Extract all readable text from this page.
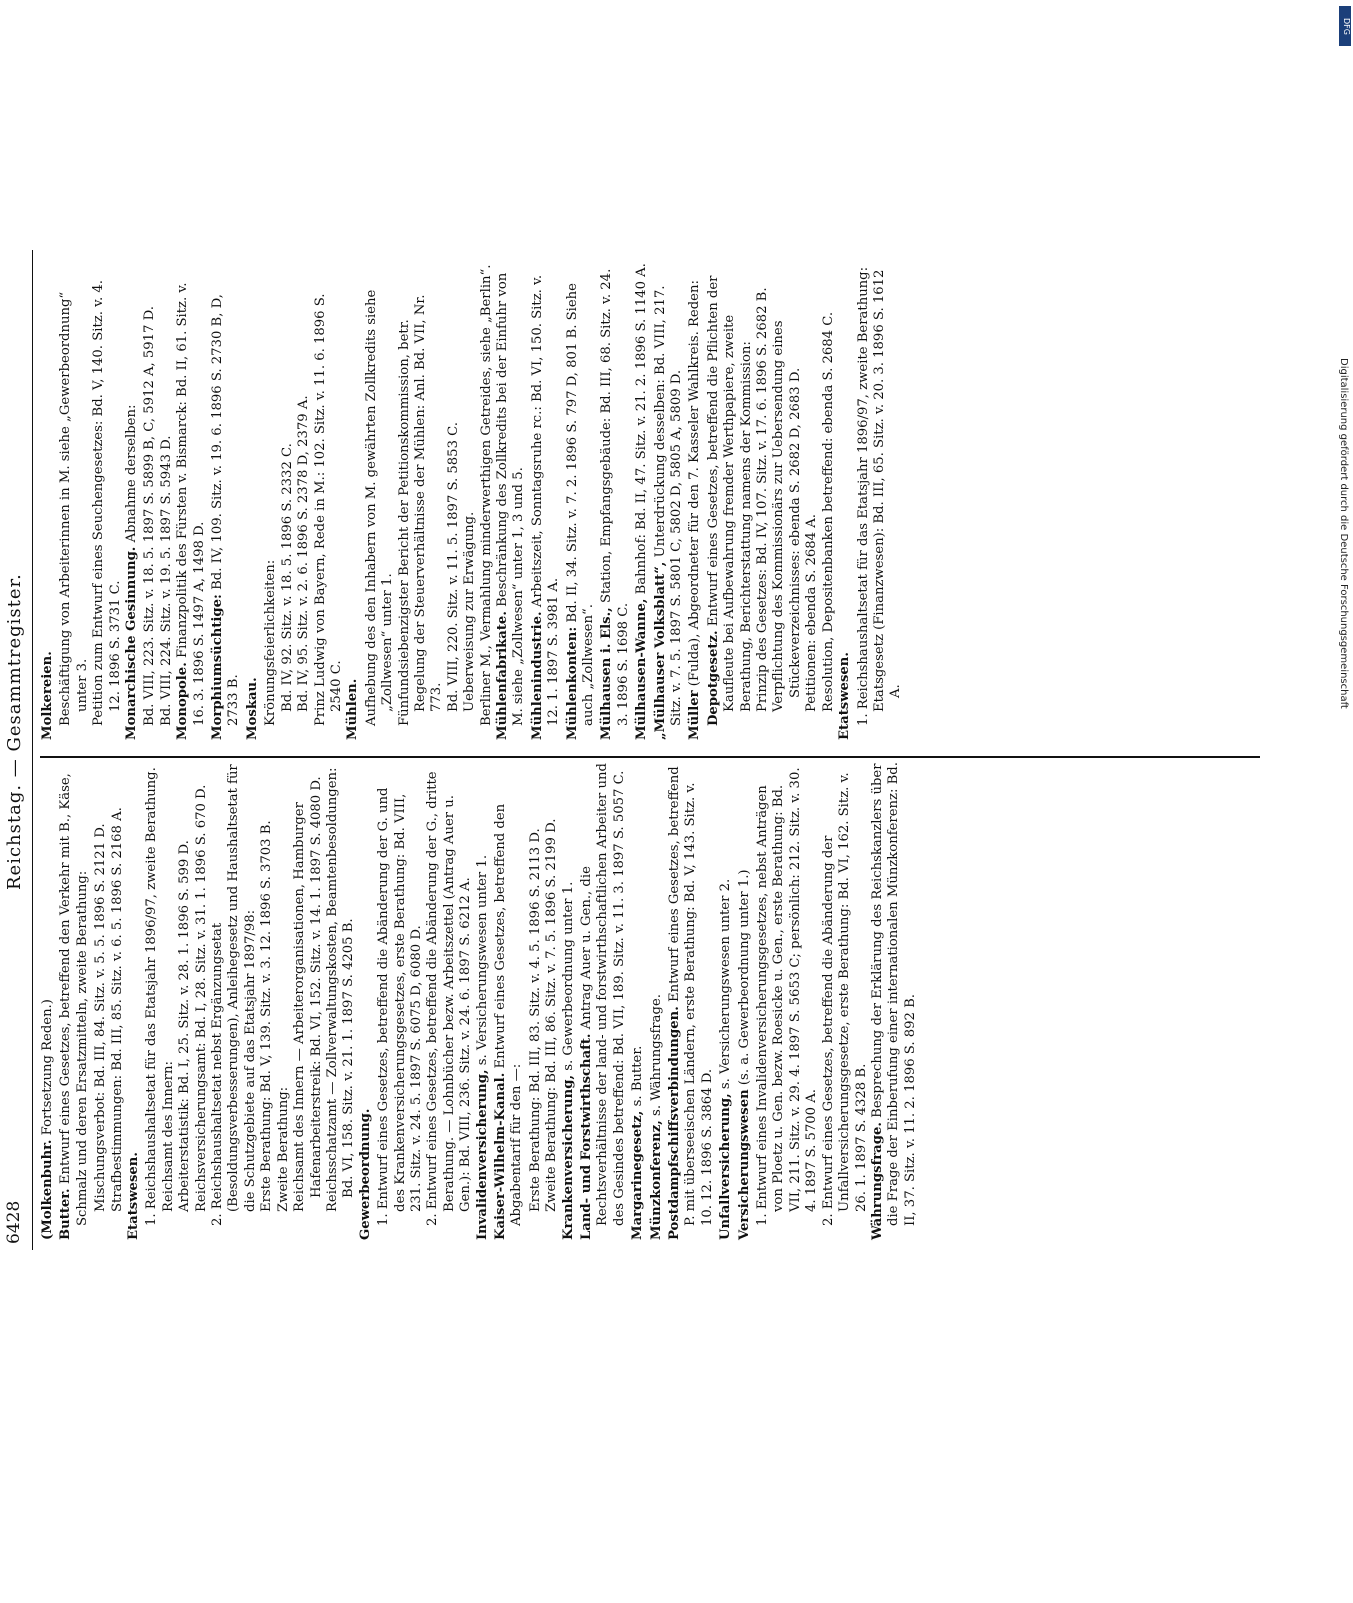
6428
Reichstag. — Gesammtregister.
(Molkenbuhr. Fortsetzung Reden.)
Butter. Entwurf eines Gesetzes, betreffend den Verkehr mit B., Käse, Schmalz und deren Ersatzmitteln, zweite Berathung: Mischungsverbot: Bd. III, 84. Sitz. v. 5. 5. 1896 S. 2121 D. Strafbestimmungen: Bd. III, 85. Sitz. v. 6. 5. 1896 S. 2168 A. Etatswesen. 1. Reichshaushaltsetat für das Etatsjahr 1896/97, zweite Berathung. Reichsamt des Innern: Arbeiterstatistik: Bd. I, 25. Sitz. v. 28. 1. 1896 S. 599 D. Reichsversicherungsamt: Bd. I, 28. Sitz. v. 31. 1. 1896 S. 670 D. 2. Reichshaushaltsetat nebst Ergänzungsetat (Besoldungsverbesserungen), Anleihegesetz und Haushaltsetat für die Schutzgebiete auf das Etatsjahr 1897/98: Erste Berathung: Bd. V, 139. Sitz. v. 3. 12. 1896 S. 3703 B. Zweite Berathung: Reichsamt des Innern — Arbeiterorganisationen, Hamburger Hafenarbeiterstreik: Bd. VI, 152. Sitz. v. 14. 1. 1897 S. 4080 D. Reichsschatzamt — Zollverwaltungskosten, Beamtenbesoldungen: Bd. VI, 158. Sitz. v. 21. 1. 1897 S. 4205 B. Gewerbeordnung. 1. Entwurf eines Gesetzes, betreffend die Abänderung der G. und des Krankenversicherungsgesetzes, erste Berathung: Bd. VIII, 231. Sitz. v. 24. 5. 1897 S. 6075 D, 6080 D. 2. Entwurf eines Gesetzes, betreffend die Abänderung der G., dritte Berathung. — Lohnbücher bezw. Arbeitszettel (Antrag Auer u. Gen.): Bd. VIII, 236. Sitz. v. 24. 6. 1897 S. 6212 A. Invalidenversicherung, s. Versicherungswesen unter 1.
Kaiser-Wilhelm-Kanal. Entwurf eines Gesetzes, betreffend den Abgabentarif für den —: Erste Berathung: Bd. III, 83. Sitz. v. 4. 5. 1896 S. 2113 D. Zweite Berathung: Bd. III, 86. Sitz. v. 7. 5. 1896 S. 2199 D. Krankenversicherung, s. Gewerbeordnung unter 1.
Land- und Forstwirthschaft. Antrag Auer u. Gen., die Rechtsverhältnisse der land- und forstwirthschaftlichen Arbeiter und des Gesindes betreffend: Bd. VII, 189. Sitz. v. 11. 3. 1897 S. 5057 C. Margarinegesetz, s. Butter.
Münzkonferenz, s. Währungsfrage. Postdampfschiffsverbindungen. Entwurf eines Gesetzes, betreffend P. mit überseeischen Ländern, erste Berathung: Bd. V, 143. Sitz. v. 10. 12. 1896 S. 3864 D. Unfallversicherung, s. Versicherungswesen unter 2.
Versicherungswesen (s. a. Gewerbeordnung unter 1.) 1. Entwurf eines Invalidenversicherungsgesetzes, nebst Anträgen von Ploetz u. Gen. bezw. Roesicke u. Gen., erste Berathung: Bd. VII, 211. Sitz. v. 29. 4. 1897 S. 5653 C; persönlich: 212. Sitz. v. 30. 4. 1897 S. 5700 A. 2. Entwurf eines Gesetzes, betreffend die Abänderung der Unfallversicherungsgesetze, erste Berathung: Bd. VI, 162. Sitz. v. 26. 1. 1897 S. 4328 B. Währungsfrage. Besprechung der Erklärung des Reichskanzlers über die Frage der Einberufung einer internationalen Münzkonferenz: Bd. II, 37. Sitz. v. 11. 2. 1896 S. 892 B.
Molkereien. Beschäftigung von Arbeiterinnen in M. siehe „Gewerbeordnung“ unter 3. Petition zum Entwurf eines Seuchengesetzes: Bd. V, 140. Sitz. v. 4. 12. 1896 S. 3731 C. Monarchische Gesinnung. Abnahme derselben: Bd. VIII, 223. Sitz. v. 18. 5. 1897 S. 5899 B, C, 5912 A, 5917 D. Bd. VIII, 224. Sitz. v. 19. 5. 1897 S. 5943 D. Monopole. Finanzpolitik des Fürsten v. Bismarck: Bd. II, 61. Sitz. v. 16. 3. 1896 S. 1497 A, 1498 D. Morphiumsüchtige: Bd. IV, 109. Sitz. v. 19. 6. 1896 S. 2730 B, D, 2733 B. Moskau. Krönungsfeierlichkeiten: Bd. IV, 92. Sitz. v. 18. 5. 1896 S. 2332 C. Bd. IV, 95. Sitz. v. 2. 6. 1896 S. 2378 D, 2379 A. Prinz Ludwig von Bayern, Rede in M.: 102. Sitz. v. 11. 6. 1896 S. 2540 C. Mühlen. Aufhebung des den Inhabern von M. gewährten Zollkredits siehe „Zollwesen“ unter 1. Fünfundsiebenzigster Bericht der Petitionskommission, betr. Regelung der Steuerverhältnisse der Mühlen: Anl. Bd. VII, Nr. 773. Bd. VIII, 220. Sitz. v. 11. 5. 1897 S. 5853 C. Ueberweisung zur Erwägung. Berliner M., Vermahlung minderwerthigen Getreides, siehe „Berlin“. Mühlenfabrikate. Beschränkung des Zollkredits bei der Einfuhr von M. siehe „Zollwesen“ unter 1, 3 und 5. Mühlenindustrie. Arbeitszeit, Sonntagsruhe rc.: Bd. VI, 150. Sitz. v. 12. 1. 1897 S. 3981 A. Mühlenkonten: Bd. II, 34. Sitz. v. 7. 2. 1896 S. 797 D, 801 B. Siehe auch „Zollwesen“. Mülhausen i. Els., Station, Empfangsgebäude: Bd. III, 68. Sitz. v. 24. 3. 1896 S. 1698 C. Mülhausen-Wanne, Bahnhof: Bd. II, 47. Sitz. v. 21. 2. 1896 S. 1140 A.
„Mülhauser Volksblatt“, Unterdrückung desselben: Bd. VIII, 217. Sitz. v. 7. 5. 1897 S. 5801 C, 5802 D, 5805 A, 5809 D. Müller (Fulda), Abgeordneter für den 7. Kasseler Wahlkreis. Reden: Depotgesetz. Entwurf eines Gesetzes, betreffend die Pflichten der Kaufleute bei Aufbewahrung fremder Werthpapiere, zweite Berathung, Berichterstattung namens der Kommission: Prinzip des Gesetzes: Bd. IV, 107. Sitz. v. 17. 6. 1896 S. 2682 B. Verpflichtung des Kommissionärs zur Uebersendung eines Stückeverzeichnisses: ebenda S. 2682 D, 2683 D. Petitionen: ebenda S. 2684 A. Resolution, Depositenbanken betreffend: ebenda S. 2684 C. Etatswesen. 1. Reichshaushaltsetat für das Etatsjahr 1896/97, zweite Berathung: Etatsgesetz (Finanzwesen): Bd. III, 65. Sitz. v. 20. 3. 1896 S. 1612 A.
DFG
Digitalisierung gefördert durch die Deutsche Forschungsgemeinschaft
